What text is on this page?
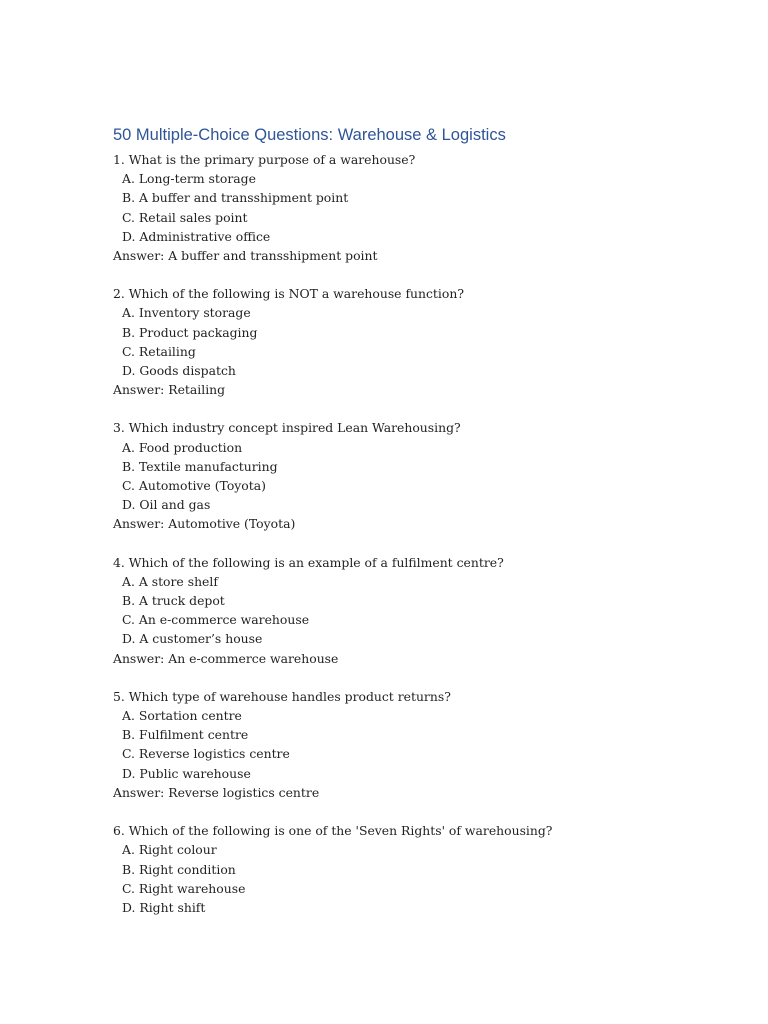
50 Multiple-Choice Questions: Warehouse & Logistics
1. What is the primary purpose of a warehouse?
A. Long-term storage
B. A buffer and transshipment point
C. Retail sales point
D. Administrative office
Answer: A buffer and transshipment point
2. Which of the following is NOT a warehouse function?
A. Inventory storage
B. Product packaging
C. Retailing
D. Goods dispatch
Answer: Retailing
3. Which industry concept inspired Lean Warehousing?
A. Food production
B. Textile manufacturing
C. Automotive (Toyota)
D. Oil and gas
Answer: Automotive (Toyota)
4. Which of the following is an example of a fulfilment centre?
A. A store shelf
B. A truck depot
C. An e-commerce warehouse
D. A customer’s house
Answer: An e-commerce warehouse
5. Which type of warehouse handles product returns?
A. Sortation centre
B. Fulfilment centre
C. Reverse logistics centre
D. Public warehouse
Answer: Reverse logistics centre
6. Which of the following is one of the 'Seven Rights' of warehousing?
A. Right colour
B. Right condition
C. Right warehouse
D. Right shift
